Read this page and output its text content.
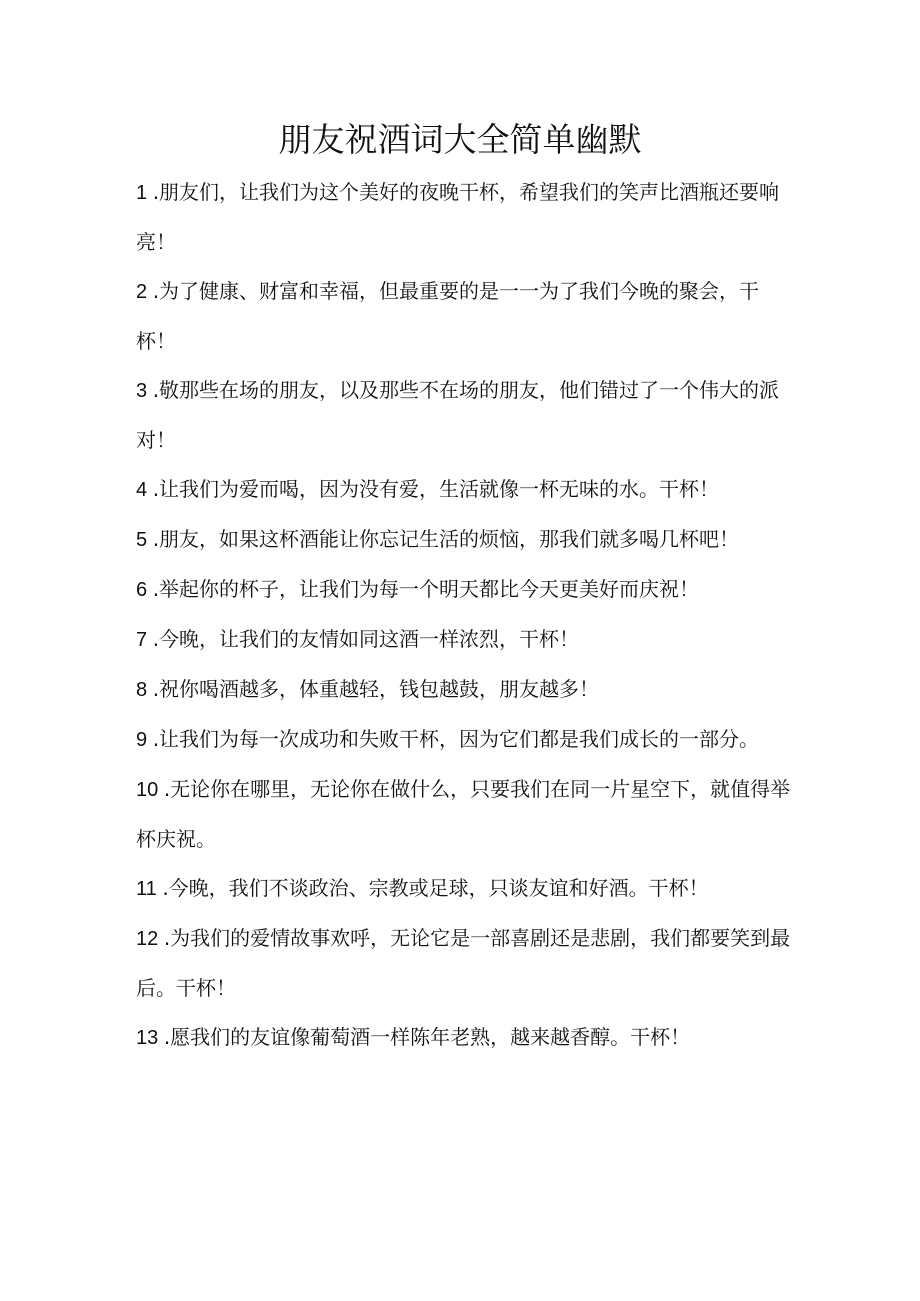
朋友祝酒词大全简单幽默
1 .朋友们，让我们为这个美好的夜晚干杯，希望我们的笑声比酒瓶还要响亮！
2 .为了健康、财富和幸福，但最重要的是一一为了我们今晚的聚会，干杯！
3 .敬那些在场的朋友，以及那些不在场的朋友，他们错过了一个伟大的派对！
4 .让我们为爱而喝，因为没有爱，生活就像一杯无味的水。干杯！
5 .朋友，如果这杯酒能让你忘记生活的烦恼，那我们就多喝几杯吧！
6 .举起你的杯子，让我们为每一个明天都比今天更美好而庆祝！
7 .今晚，让我们的友情如同这酒一样浓烈，干杯！
8 .祝你喝酒越多，体重越轻，钱包越鼓，朋友越多！
9 .让我们为每一次成功和失败干杯，因为它们都是我们成长的一部分。
10 .无论你在哪里，无论你在做什么，只要我们在同一片星空下，就值得举杯庆祝。
11 .今晚，我们不谈政治、宗教或足球，只谈友谊和好酒。干杯！
12 .为我们的爱情故事欢呼，无论它是一部喜剧还是悲剧，我们都要笑到最后。干杯！
13 .愿我们的友谊像葡萄酒一样陈年老熟，越来越香醇。干杯！
